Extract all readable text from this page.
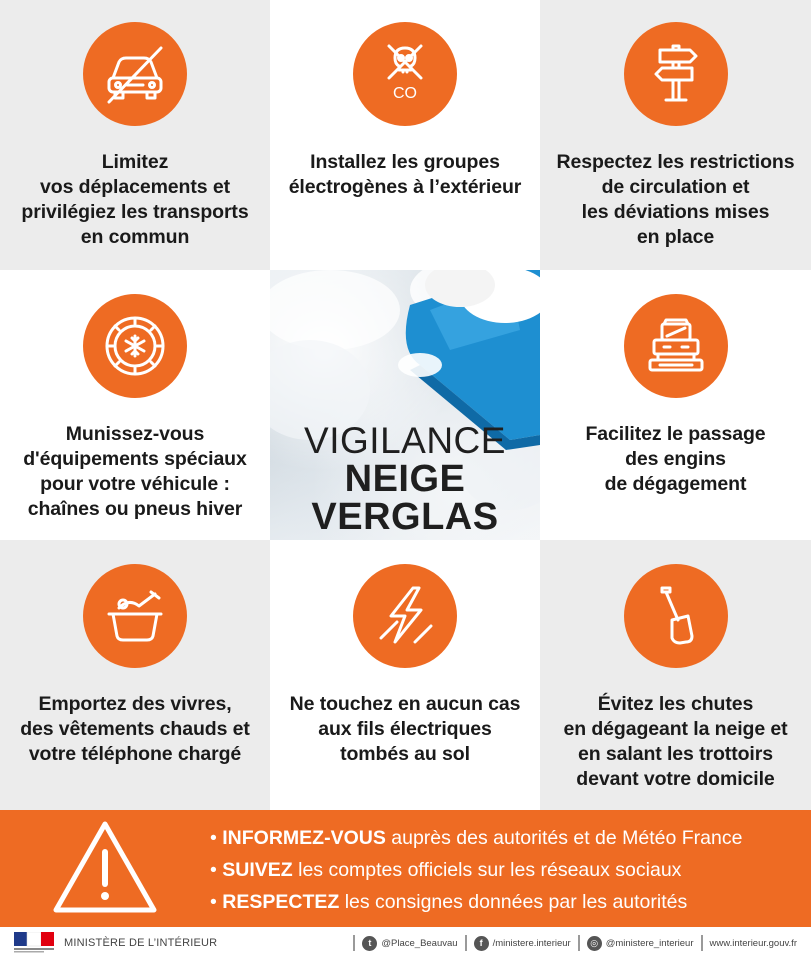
Limitez
vos déplacements et
privilégiez les transports
en commun
CO
Installez les groupes
électrogènes à l’extérieur
Respectez les restrictions
de circulation et
les déviations mises
en place
Munissez-vous
d'équipements spéciaux
pour votre véhicule :
chaînes ou pneus hiver
VIGILANCE
NEIGE
VERGLAS
Facilitez le passage
des engins
de dégagement
Emportez des vivres,
des vêtements chauds et
votre téléphone chargé
Ne touchez en aucun cas
aux fils électriques
tombés au sol
Évitez les chutes
en dégageant la neige et
en salant les trottoirs
devant votre domicile
• INFORMEZ-VOUS auprès des autorités et de Météo France
• SUIVEZ les comptes officiels sur les réseaux sociaux
• RESPECTEZ les consignes données par les autorités
MINISTÈRE DE L’INTÉRIEUR	t	@Place_Beauvau	f	/ministere.interieur	◎ @ministere_interieur www.interieur.gouv.fr
